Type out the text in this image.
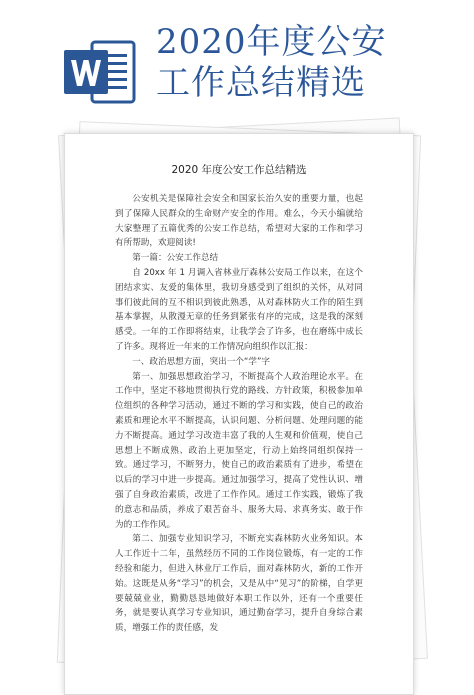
2020年度公安
工作总结精选
2020 年度公安工作总结精选

公安机关是保障社会安全和国家长治久安的重要力量，也起到了保障人民群众的生命财产安全的作用。难么，今天小编就给大家整理了五篇优秀的公安工作总结，希望对大家的工作和学习有所帮助，欢迎阅读!

第一篇：公安工作总结

自 20xx 年 1 月调入省林业厅森林公安局工作以来，在这个团结求实、友爱的集体里，我切身感受到了组织的关怀，从对同事们彼此间的互不相识到彼此熟悉，从对森林防火工作的陌生到基本掌握，从散漫无章的任务到紧张有序的完成，这是我的深刻感受。一年的工作即将结束，让我学会了许多，也在磨练中成长了许多。现将近一年来的工作情况向组织作以汇报：

一、政治思想方面，突出一个“学”字

第一、加强思想政治学习，不断提高个人政治理论水平。在工作中，坚定不移地贯彻执行党的路线、方针政策，积极参加单位组织的各种学习活动，通过不断的学习和实践，使自己的政治素质和理论水平不断提高，认识问题、分析问题、处理问题的能力不断提高。通过学习改造丰富了我的人生观和价值观，使自己思想上不断成熟、政治上更加坚定，行动上始终同组织保持一致。通过学习，不断努力，使自己的政治素质有了进步，希望在以后的学习中进一步提高。通过加强学习，提高了党性认识、增强了自身政治素质，改进了工作作风。通过工作实践，锻炼了我的意志和品质，养成了艰苦奋斗、服务大局、求真务实、敢于作为的工作作风。

第二、加强专业知识学习，不断充实森林防火业务知识。本人工作近十二年，虽然经历不同的工作岗位锻炼，有一定的工作经验和能力，但进入林业厅工作后，面对森林防火，新的工作开始。这既是从务“学习”的机会，又是从中“见习”的阶梯，自学更要兢兢业业，勤勤恳恳地做好本职工作以外，还有一个重要任务，就是要认真学习专业知识，通过勤奋学习，提升自身综合素质，增强工作的责任感，发
